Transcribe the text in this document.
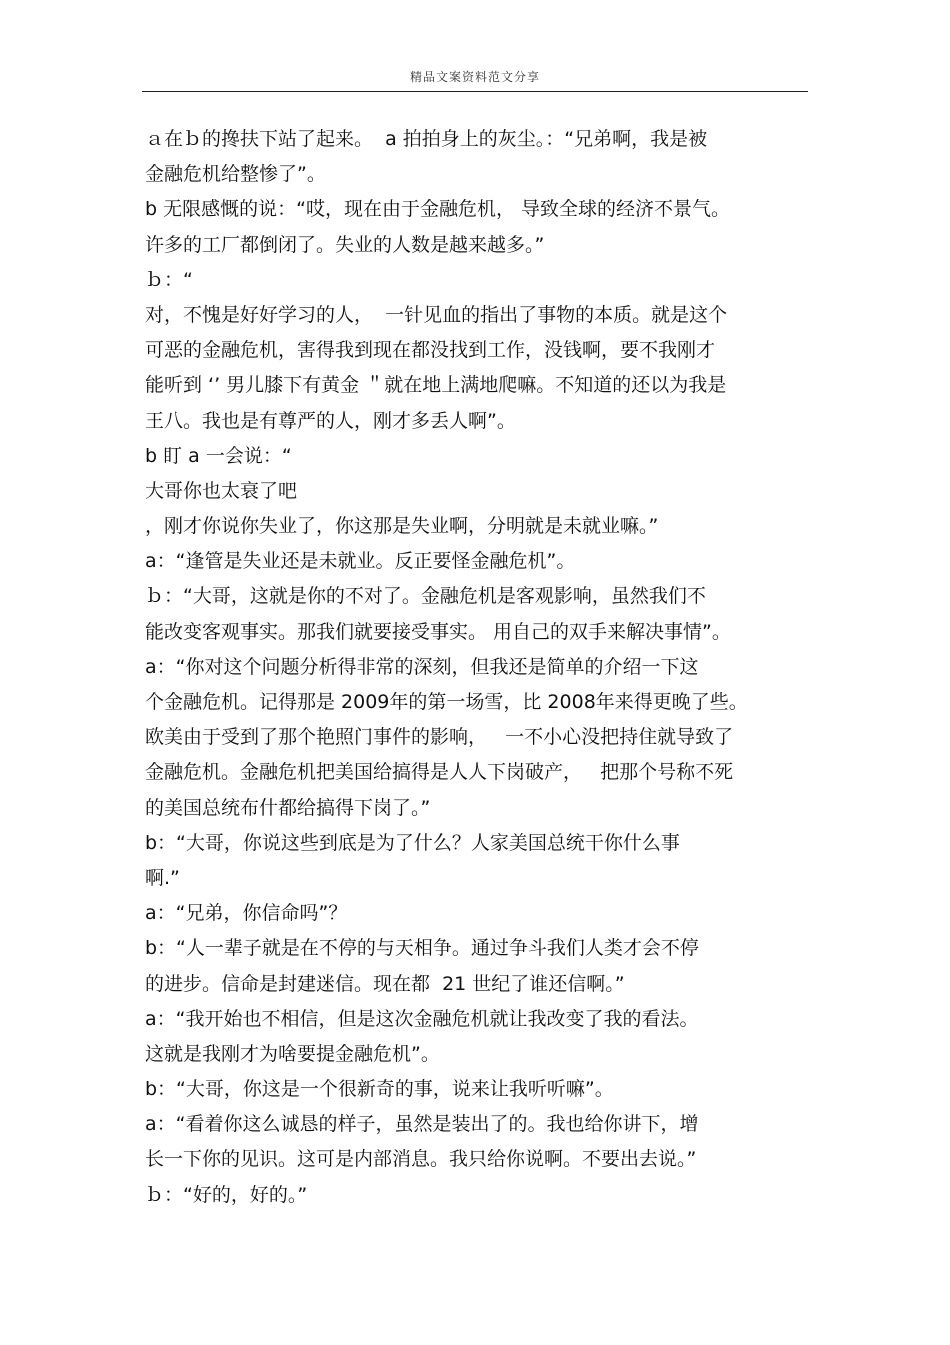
精品文案资料范文分享
ａ在ｂ的搀扶下站了起来。  a 拍拍身上的灰尘。：“兄弟啊，我是被
金融危机给整惨了”。
b 无限感慨的说：“哎，现在由于金融危机， 导致全球的经济不景气。
许多的工厂都倒闭了。失业的人数是越来越多。”
ｂ：“
对，不愧是好好学习的人，  一针见血的指出了事物的本质。就是这个
可恶的金融危机，害得我到现在都没找到工作，没钱啊，要不我刚才
能听到 ‘’ 男儿膝下有黄金 ＂就在地上满地爬嘛。不知道的还以为我是
王八。我也是有尊严的人，刚才多丢人啊”。
b 盯 a 一会说：“
大哥你也太衰了吧
，刚才你说你失业了，你这那是失业啊，分明就是未就业嘛。”
a：“逢管是失业还是未就业。反正要怪金融危机”。
ｂ：“大哥，这就是你的不对了。金融危机是客观影响，虽然我们不
能改变客观事实。那我们就要接受事实。 用自己的双手来解决事情”。
a：“你对这个问题分析得非常的深刻，但我还是简单的介绍一下这
个金融危机。记得那是 2009年的第一场雪，比 2008年来得更晚了些。
欧美由于受到了那个艳照门事件的影响，   一不小心没把持住就导致了
金融危机。金融危机把美国给搞得是人人下岗破产，   把那个号称不死
的美国总统布什都给搞得下岗了。”
b：“大哥，你说这些到底是为了什么？人家美国总统干你什么事
啊.”
a：“兄弟，你信命吗”？
b：“人一辈子就是在不停的与天相争。通过争斗我们人类才会不停
的进步。信命是封建迷信。现在都  21 世纪了谁还信啊。”
a：“我开始也不相信，但是这次金融危机就让我改变了我的看法。
这就是我刚才为啥要提金融危机”。
b：“大哥，你这是一个很新奇的事，说来让我听听嘛”。
a：“看着你这么诚恳的样子，虽然是装出了的。我也给你讲下，增
长一下你的见识。这可是内部消息。我只给你说啊。不要出去说。”
ｂ：“好的，好的。”
